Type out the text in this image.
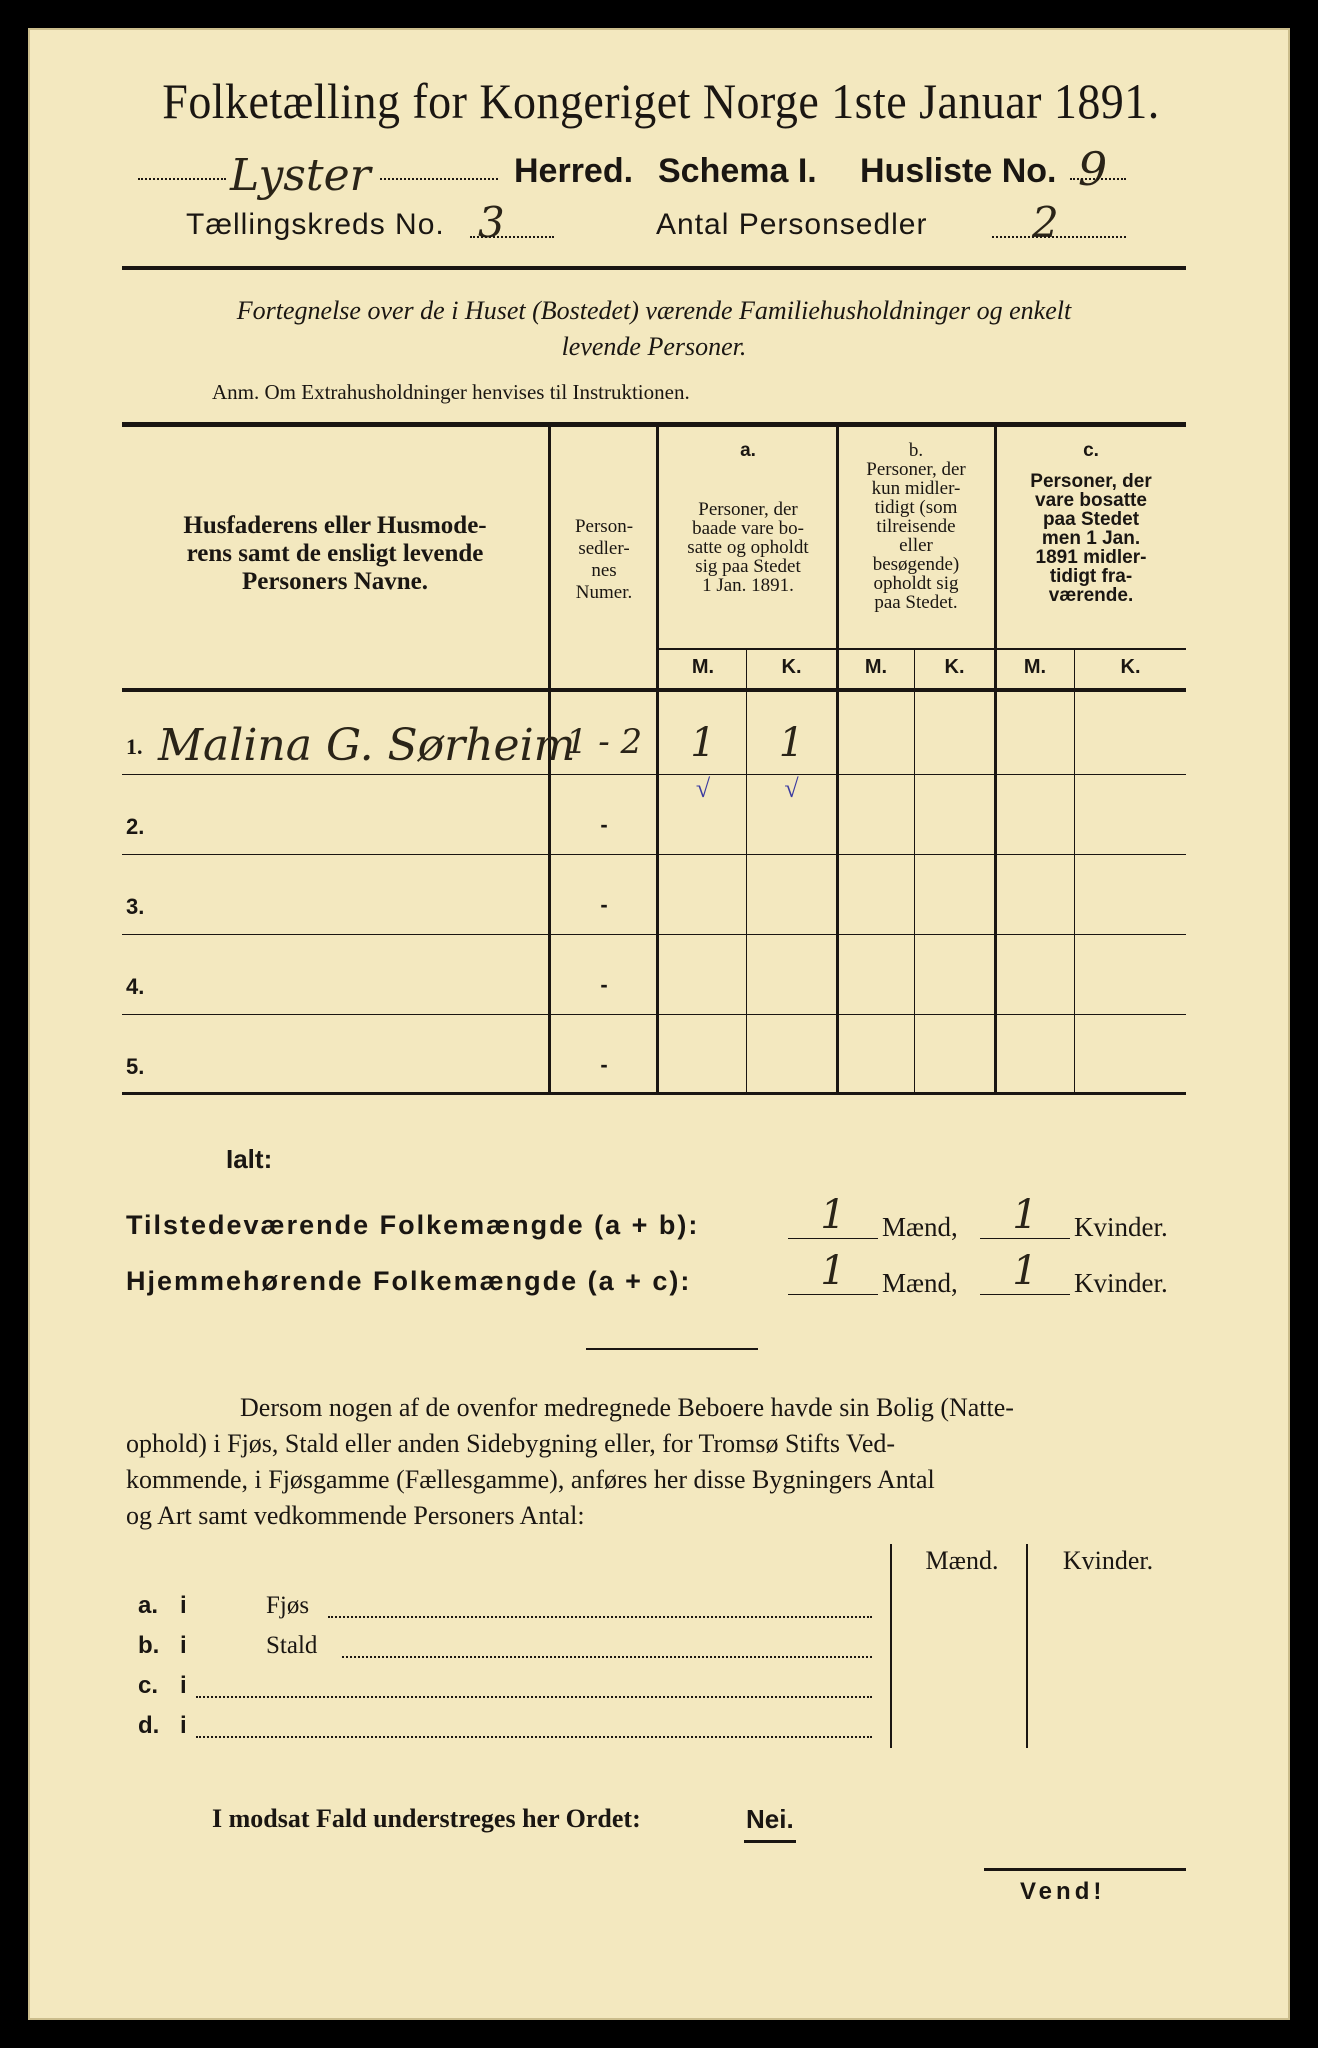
Folketælling for Kongeriget Norge 1ste Januar 1891.
Lyster	Herred. Schema I. Husliste No. 9
Tællingskreds No. 3	Antal Personsedler 2
Fortegnelse over de i Huset (Bostedet) værende Familiehusholdninger og enkelt
levende Personer.
Anm. Om Extrahusholdninger henvises til Instruktionen.
Husfaderens eller Husmode-
rens samt de ensligt levende
Personers Navne.
Person-
sedler-
nes
Numer.
a.
Personer, der
baade vare bo-
satte og opholdt
sig paa Stedet
1 Jan. 1891.
b.
Personer, der
kun midler-
tidigt (som
tilreisende
eller
besøgende)
opholdt sig
paa Stedet.
c.
Personer, der
vare bosatte
paa Stedet
men 1 Jan.
1891 midler-
tidigt fra-
værende.
M.	K.	M.	K.	M.	K.
1. Malina G. Sørheim
1 - 2	1	1
√	√
2.	-
3.	-
4.	-
5.	-
Ialt:
Tilstedeværende Folkemængde (a + b):	1	Mænd,	1	Kvinder.
Hjemmehørende Folkemængde (a + c):	1	Mænd,	1	Kvinder.
Dersom nogen af de ovenfor medregnede Beboere havde sin Bolig (Natte-
ophold) i Fjøs, Stald eller anden Sidebygning eller, for Tromsø Stifts Ved-
kommende, i Fjøsgamme (Fællesgamme), anføres her disse Bygningers Antal
og Art samt vedkommende Personers Antal:
Mænd.	Kvinder.
a. i	Fjøs
b. i	Stald
c. i
d. i
I modsat Fald understreges her Ordet:	Nei.
Vend!
